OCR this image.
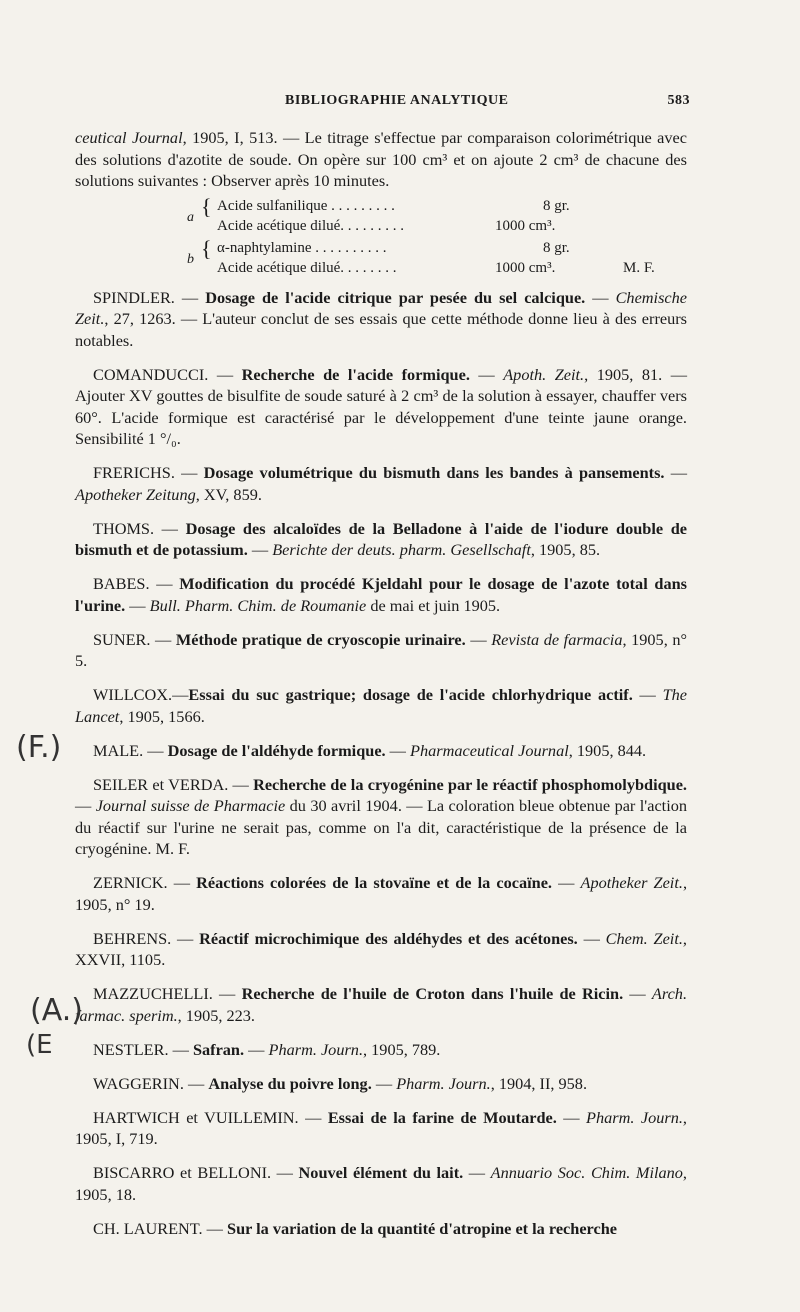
BIBLIOGRAPHIE ANALYTIQUE	583

ceutical Journal, 1905, I, 513. — Le titrage s'effectue par comparaison colorimétrique avec des solutions d'azotite de soude. On opère sur 100 cm³ et on ajoute 2 cm³ de chacune des solutions suivantes : Observer après 10 minutes.

a { Acide sulfanilique . . . . . . . . .	8 gr.
Acide acétique dilué. . . . . . . . .	1000 cm³.
b { α-naphtylamine . . . . . . . . . .	8 gr.
Acide acétique dilué. . . . . . . .	1000 cm³.	M. F.

SPINDLER. — Dosage de l'acide citrique par pesée du sel calcique. — Chemische Zeit., 27, 1263. — L'auteur conclut de ses essais que cette méthode donne lieu à des erreurs notables.

COMANDUCCI. — Recherche de l'acide formique. — Apoth. Zeit., 1905, 81. — Ajouter XV gouttes de bisulfite de soude saturé à 2 cm³ de la solution à essayer, chauffer vers 60°. L'acide formique est caractérisé par le développement d'une teinte jaune orange. Sensibilité 1 °/₀.

FRERICHS. — Dosage volumétrique du bismuth dans les bandes à pansements. — Apotheker Zeitung, XV, 859.

THOMS. — Dosage des alcaloïdes de la Belladone à l'aide de l'iodure double de bismuth et de potassium. — Berichte der deuts. pharm. Gesellschaft, 1905, 85.

BABES. — Modification du procédé Kjeldahl pour le dosage de l'azote total dans l'urine. — Bull. Pharm. Chim. de Roumanie de mai et juin 1905.

SUNER. — Méthode pratique de cryoscopie urinaire. — Revista de farmacia, 1905, n° 5.

WILLCOX.—Essai du suc gastrique; dosage de l'acide chlorhydrique actif. — The Lancet, 1905, 1566.

MALE. — Dosage de l'aldéhyde formique. — Pharmaceutical Journal, 1905, 844.

SEILER et VERDA. — Recherche de la cryogénine par le réactif phosphomolybdique. — Journal suisse de Pharmacie du 30 avril 1904. — La coloration bleue obtenue par l'action du réactif sur l'urine ne serait pas, comme on l'a dit, caractéristique de la présence de la cryogénine. M. F.

ZERNICK. — Réactions colorées de la stovaïne et de la cocaïne. — Apotheker Zeit., 1905, n° 19.

BEHRENS. — Réactif microchimique des aldéhydes et des acétones. — Chem. Zeit., XXVII, 1105.

MAZZUCHELLI. — Recherche de l'huile de Croton dans l'huile de Ricin. — Arch. farmac. sperim., 1905, 223.

NESTLER. — Safran. — Pharm. Journ., 1905, 789.

WAGGERIN. — Analyse du poivre long. — Pharm. Journ., 1904, II, 958.

HARTWICH et VUILLEMIN. — Essai de la farine de Moutarde. — Pharm. Journ., 1905, I, 719.

BISCARRO et BELLONI. — Nouvel élément du lait. — Annuario Soc. Chim. Milano, 1905, 18.

CH. LAURENT. — Sur la variation de la quantité d'atropine et la recherche

(F.)
(A.)
(E
